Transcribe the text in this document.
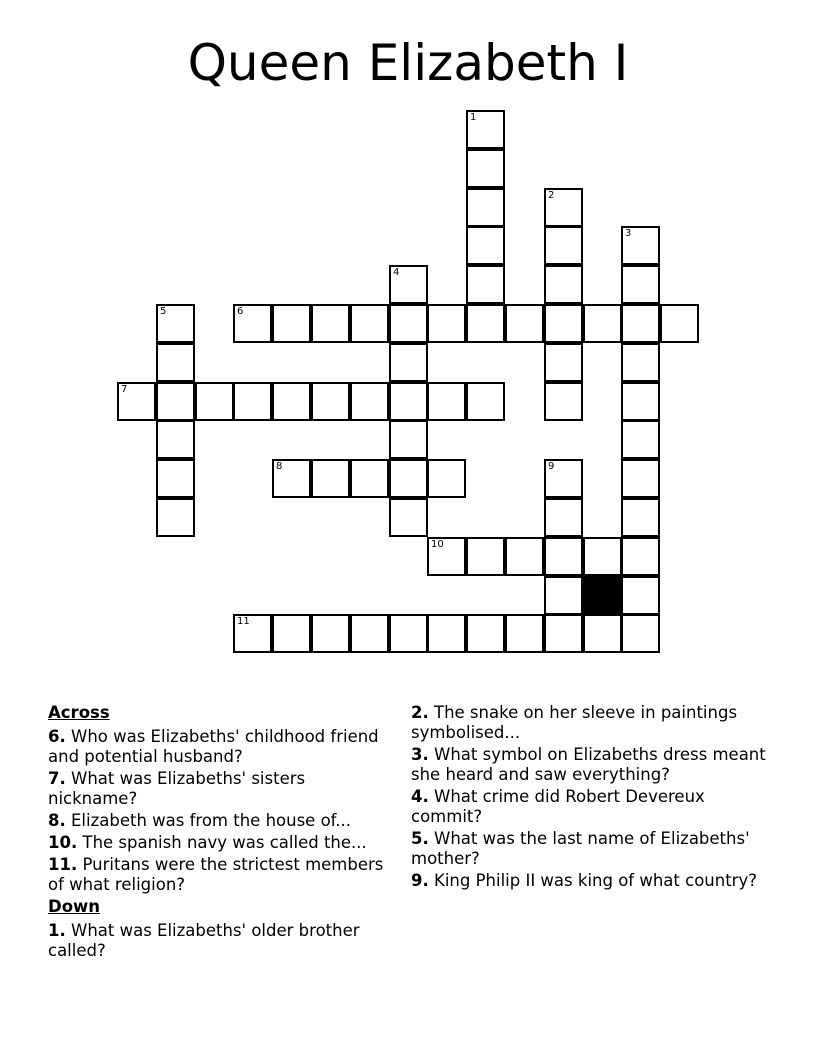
Queen Elizabeth I
1
2
3
4
5	6
7
8	9
10
11
Across
6. Who was Elizabeths' childhood friend and potential husband?
7. What was Elizabeths' sisters nickname?
8. Elizabeth was from the house of...
10. The spanish navy was called the...
11. Puritans were the strictest members of what religion?
Down
1. What was Elizabeths' older brother called?
2. The snake on her sleeve in paintings symbolised...
3. What symbol on Elizabeths dress meant she heard and saw everything?
4. What crime did Robert Devereux commit?
5. What was the last name of Elizabeths' mother?
9. King Philip II was king of what country?
